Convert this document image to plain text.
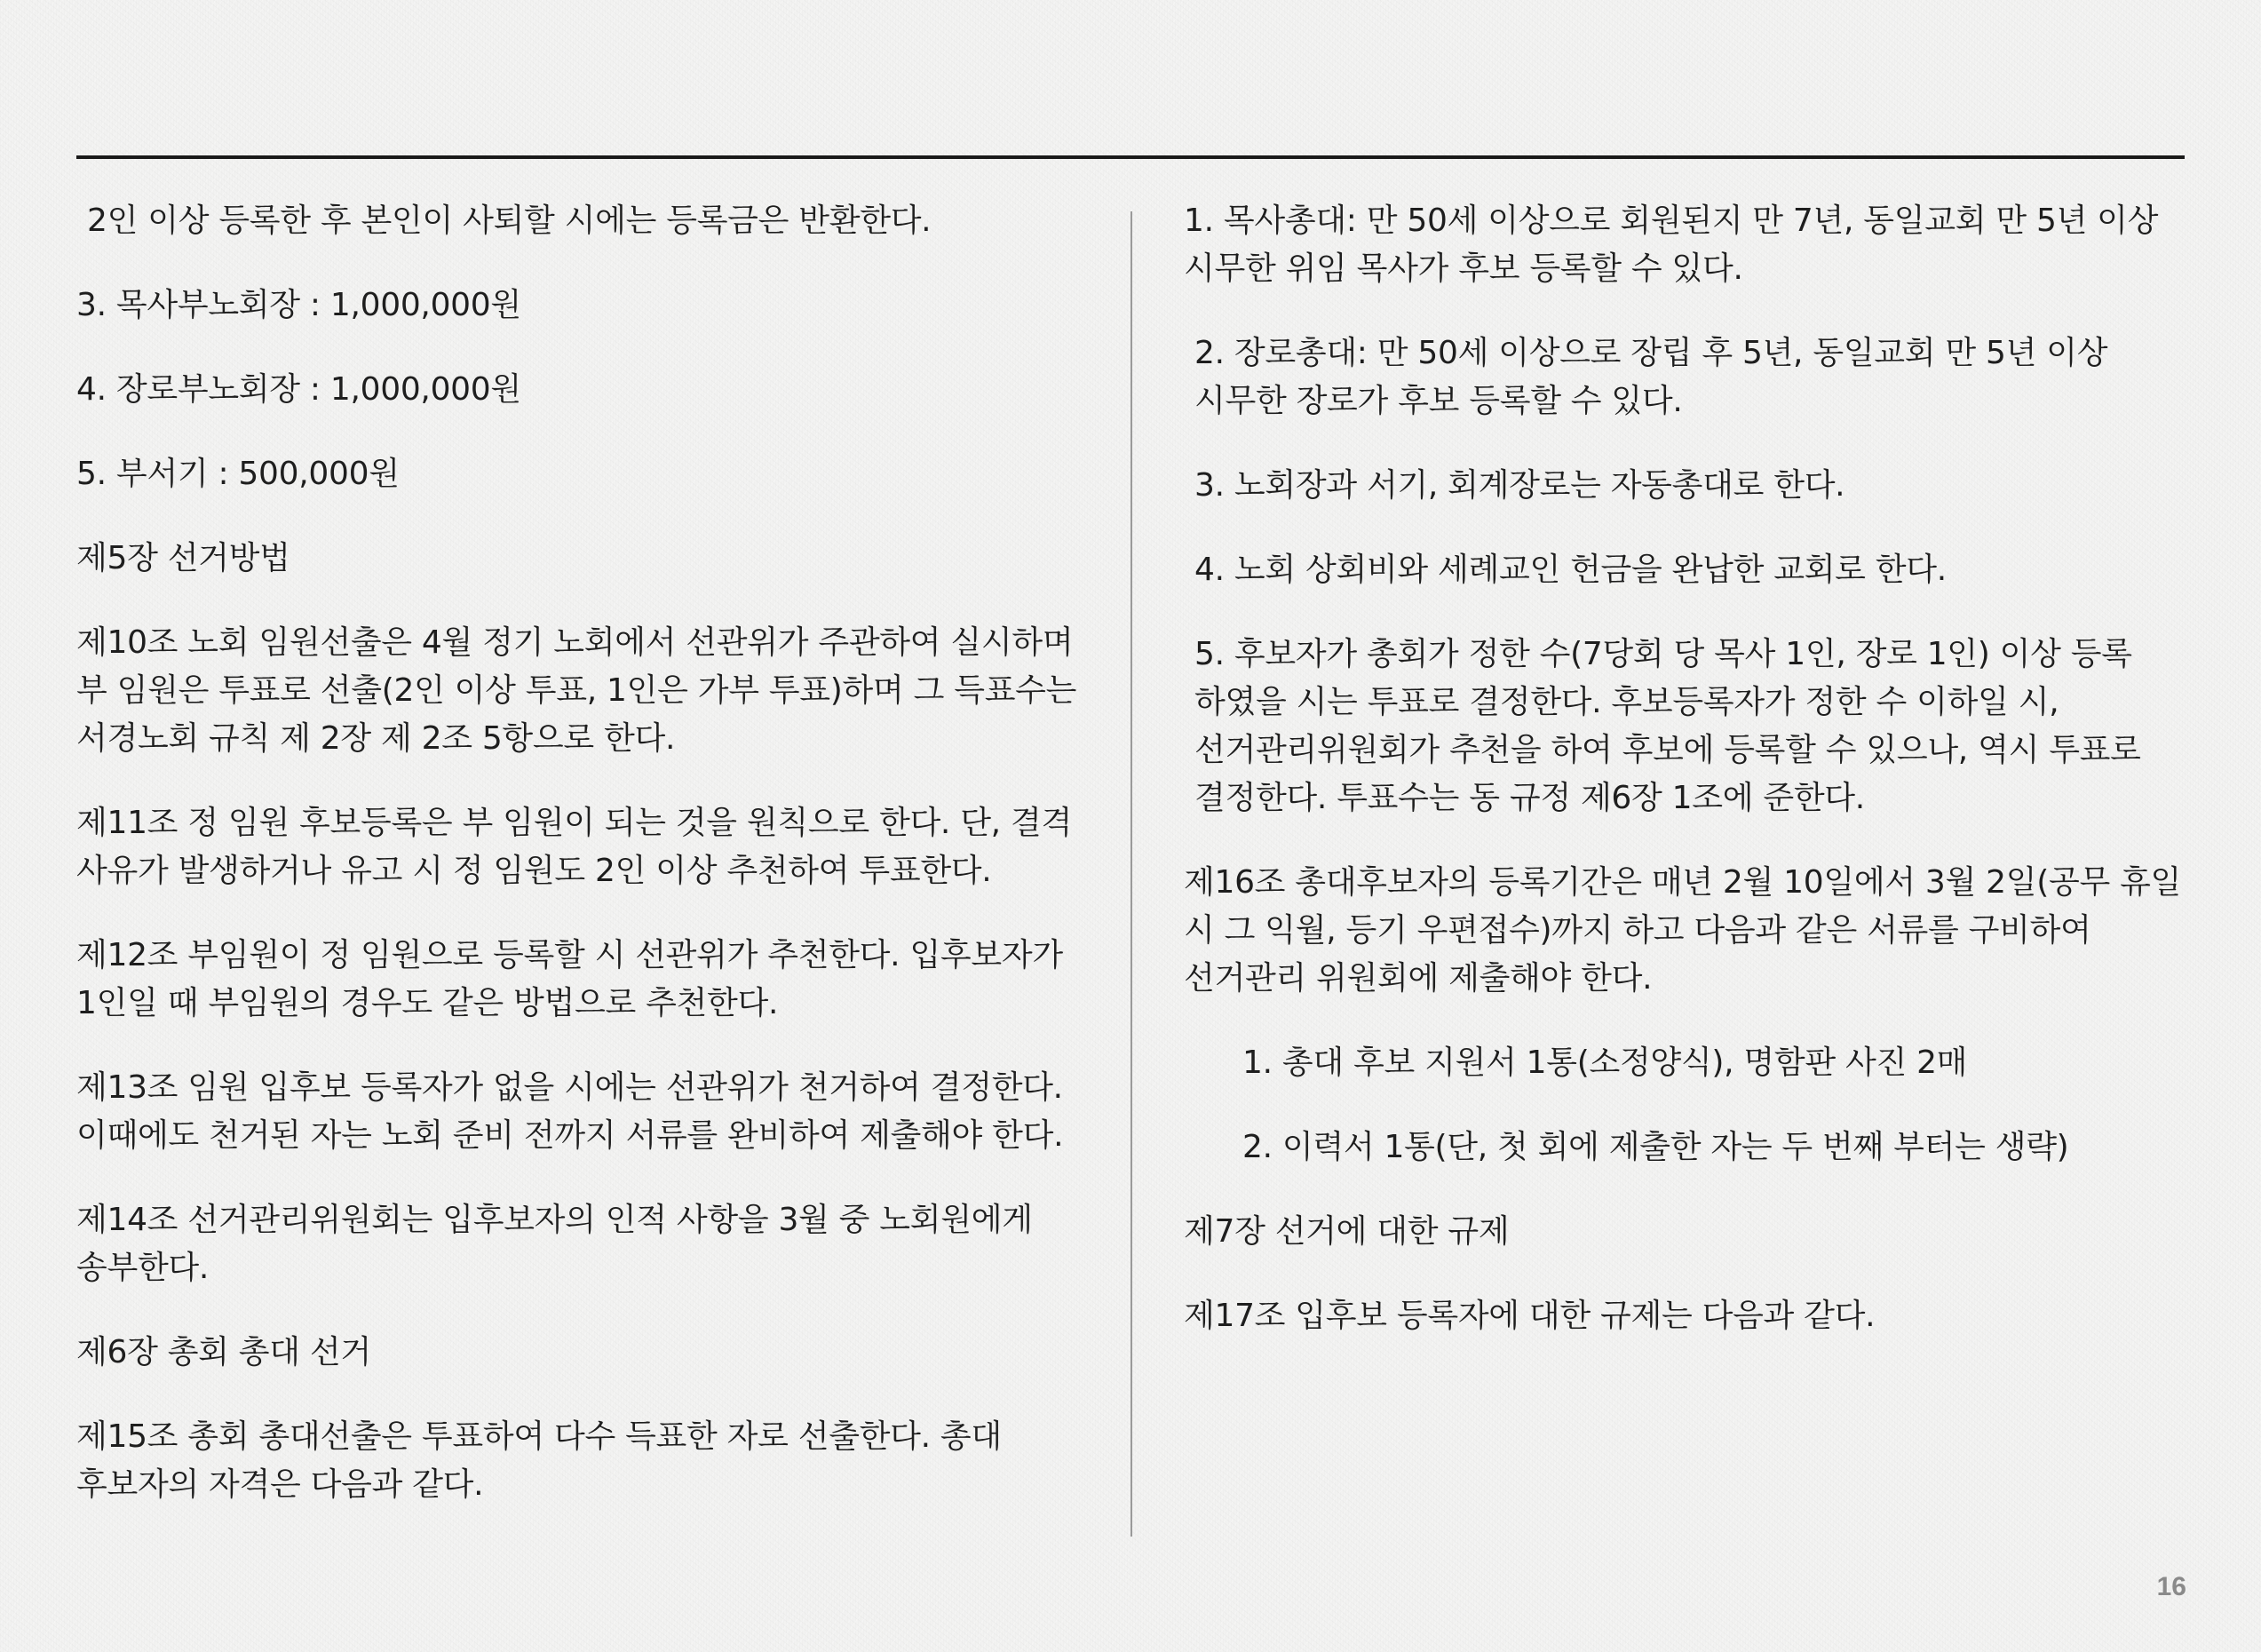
2인 이상 등록한 후 본인이 사퇴할 시에는 등록금은 반환한다.

3. 목사부노회장 : 1,000,000원

4. 장로부노회장 : 1,000,000원

5. 부서기 : 500,000원

제5장 선거방법

제10조 노회 임원선출은 4월 정기 노회에서 선관위가 주관하여 실시하며 부 임원은 투표로 선출(2인 이상 투표, 1인은 가부 투표)하며 그 득표수는 서경노회 규칙 제 2장 제 2조 5항으로 한다.

제11조 정 임원 후보등록은 부 임원이 되는 것을 원칙으로 한다. 단, 결격 사유가 발생하거나 유고 시 정 임원도 2인 이상 추천하여 투표한다.

제12조 부임원이 정 임원으로 등록할 시 선관위가 추천한다. 입후보자가 1인일 때 부임원의 경우도 같은 방법으로 추천한다.

제13조 임원 입후보 등록자가 없을 시에는 선관위가 천거하여 결정한다. 이때에도 천거된 자는 노회 준비 전까지 서류를 완비하여 제출해야 한다.

제14조 선거관리위원회는 입후보자의 인적 사항을 3월 중 노회원에게 송부한다.

제6장 총회 총대 선거

제15조 총회 총대선출은 투표하여 다수 득표한 자로 선출한다. 총대 후보자의 자격은 다음과 같다.

1. 목사총대: 만 50세 이상으로 회원된지 만 7년, 동일교회 만 5년 이상 시무한 위임 목사가 후보 등록할 수 있다.

2. 장로총대: 만 50세 이상으로 장립 후 5년, 동일교회 만 5년 이상 시무한 장로가 후보 등록할 수 있다.

3. 노회장과 서기, 회계장로는 자동총대로 한다.

4. 노회 상회비와 세례교인 헌금을 완납한 교회로 한다.

5. 후보자가 총회가 정한 수(7당회 당 목사 1인, 장로 1인) 이상 등록 하였을 시는 투표로 결정한다. 후보등록자가 정한 수 이하일 시, 선거관리위원회가 추천을 하여 후보에 등록할 수 있으나, 역시 투표로 결정한다. 투표수는 동 규정 제6장 1조에 준한다.

제16조 총대후보자의 등록기간은 매년 2월 10일에서 3월 2일(공무 휴일 시 그 익월, 등기 우편접수)까지 하고 다음과 같은 서류를 구비하여 선거관리 위원회에 제출해야 한다.

1. 총대 후보 지원서 1통(소정양식), 명함판 사진 2매

2. 이력서 1통(단, 첫 회에 제출한 자는 두 번째 부터는 생략)

제7장 선거에 대한 규제

제17조 입후보 등록자에 대한 규제는 다음과 같다.

16
